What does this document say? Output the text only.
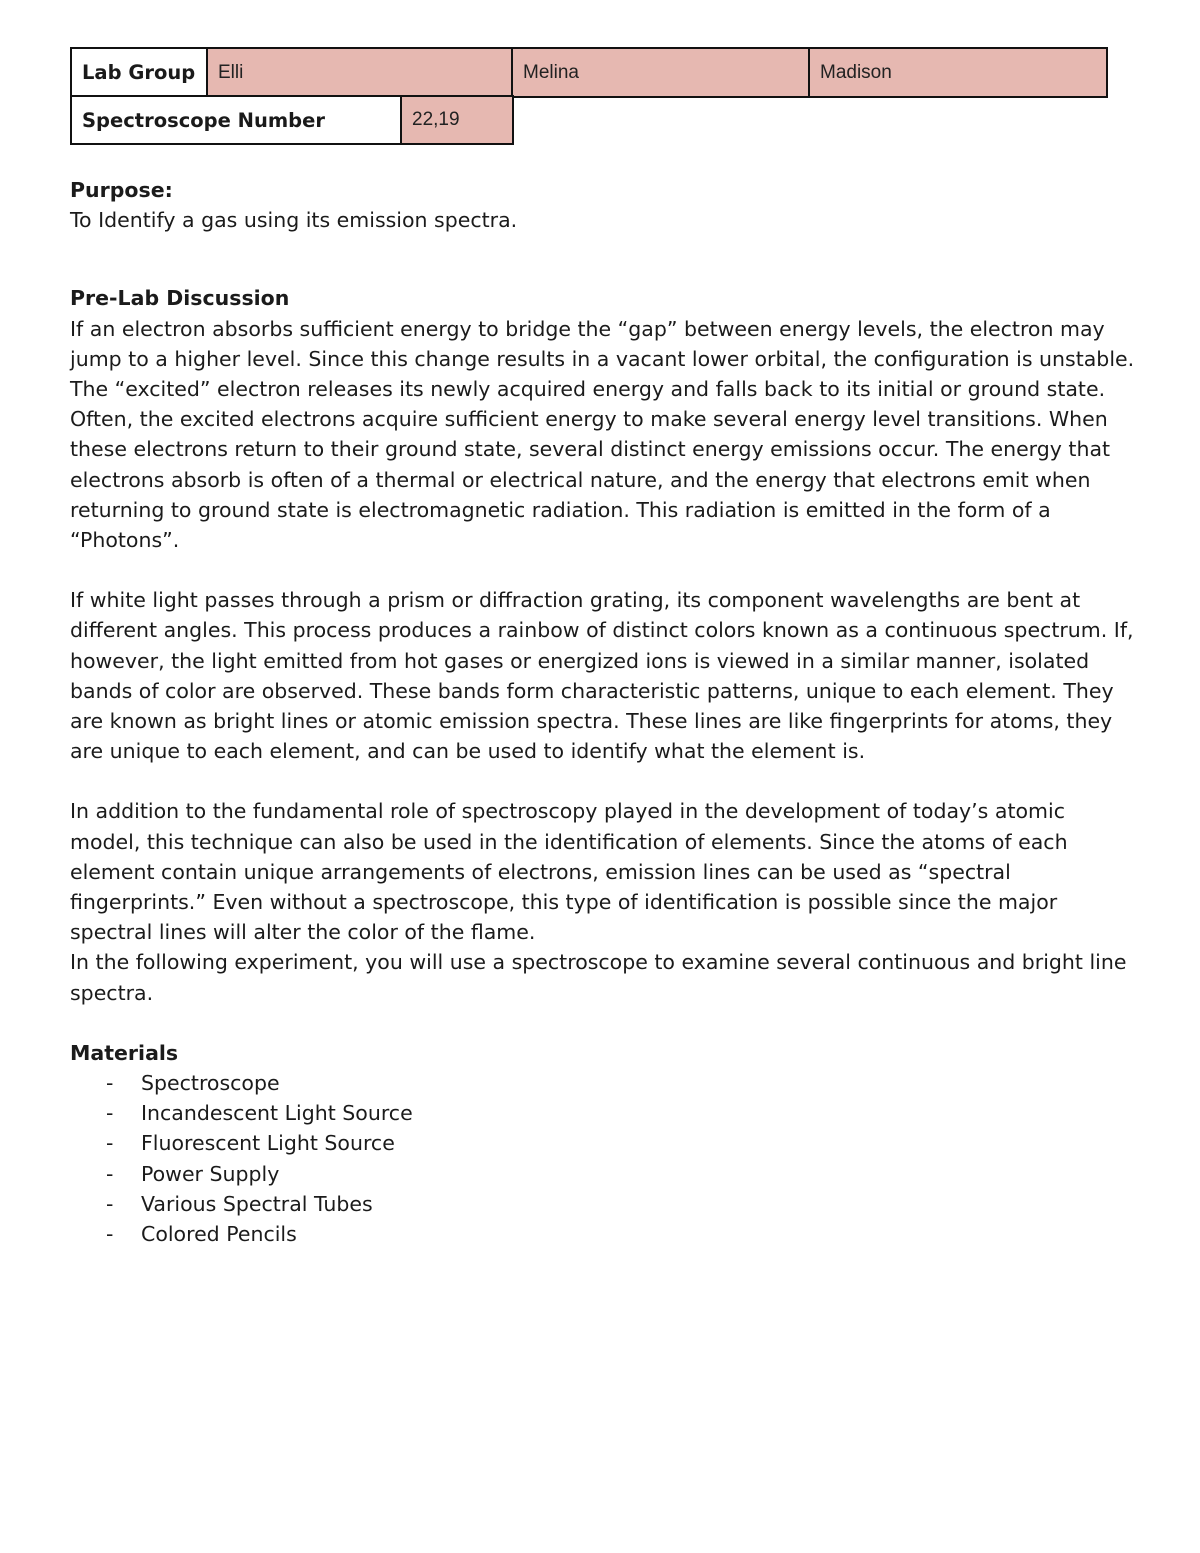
Lab Group	Elli	Melina	Madison
Spectroscope Number	22,19

Purpose:

To Identify a gas using its emission spectra.

Pre-Lab Discussion

If an electron absorbs sufficient energy to bridge the “gap” between energy levels, the electron may jump to a higher level. Since this change results in a vacant lower orbital, the configuration is unstable. The “excited” electron releases its newly acquired energy and falls back to its initial or ground state. Often, the excited electrons acquire sufficient energy to make several energy level transitions. When these electrons return to their ground state, several distinct energy emissions occur. The energy that electrons absorb is often of a thermal or electrical nature, and the energy that electrons emit when returning to ground state is electromagnetic radiation. This radiation is emitted in the form of a “Photons”.

If white light passes through a prism or diffraction grating, its component wavelengths are bent at different angles. This process produces a rainbow of distinct colors known as a continuous spectrum. If, however, the light emitted from hot gases or energized ions is viewed in a similar manner, isolated bands of color are observed. These bands form characteristic patterns, unique to each element. They are known as bright lines or atomic emission spectra. These lines are like fingerprints for atoms, they are unique to each element, and can be used to identify what the element is.

In addition to the fundamental role of spectroscopy played in the development of today’s atomic model, this technique can also be used in the identification of elements. Since the atoms of each element contain unique arrangements of electrons, emission lines can be used as “spectral fingerprints.” Even without a spectroscope, this type of identification is possible since the major spectral lines will alter the color of the flame.

In the following experiment, you will use a spectroscope to examine several continuous and bright line spectra.

Materials

- Spectroscope
- Incandescent Light Source
- Fluorescent Light Source
- Power Supply
- Various Spectral Tubes
- Colored Pencils
